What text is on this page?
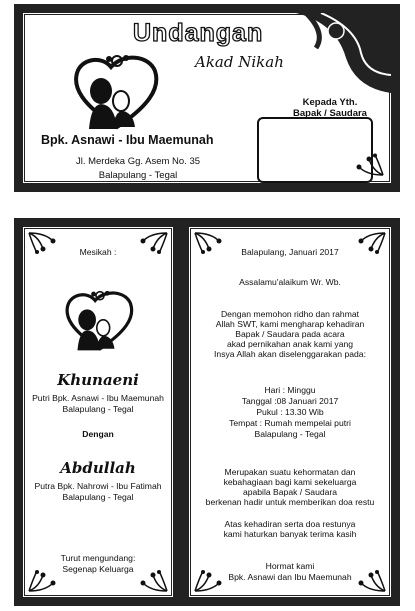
Undangan
Akad Nikah
Bpk. Asnawi - Ibu Maemunah
Jl. Merdeka Gg. Asem No. 35
Balapulang - Tegal
Kepada Yth.
Bapak / Saudara
Mesikah :
Khunaeni
Putri Bpk. Asnawi - Ibu Maemunah
Balapulang - Tegal
Dengan
Abdullah
Putra Bpk. Nahrowi - Ibu Fatimah
Balapulang - Tegal
Turut mengundang:
Segenap Keluarga
Balapulang, Januari 2017
Assalamu'alaikum Wr. Wb.
Dengan memohon ridho dan rahmat
Allah SWT, kami mengharap kehadiran
Bapak / Saudara pada acara
akad pernikahan anak kami yang
Insya Allah akan diselenggarakan pada:
Hari : Minggu
Tanggal :08 Januari 2017
Pukul : 13.30 Wib
Tempat : Rumah mempelai putri
Balapulang - Tegal
Merupakan suatu kehormatan dan
kebahagiaan bagi kami sekeluarga
apabila Bapak / Saudara
berkenan hadir untuk memberikan doa restu
Atas kehadiran serta doa restunya
kami haturkan banyak terima kasih
Hormat kami
Bpk. Asnawi dan Ibu Maemunah
